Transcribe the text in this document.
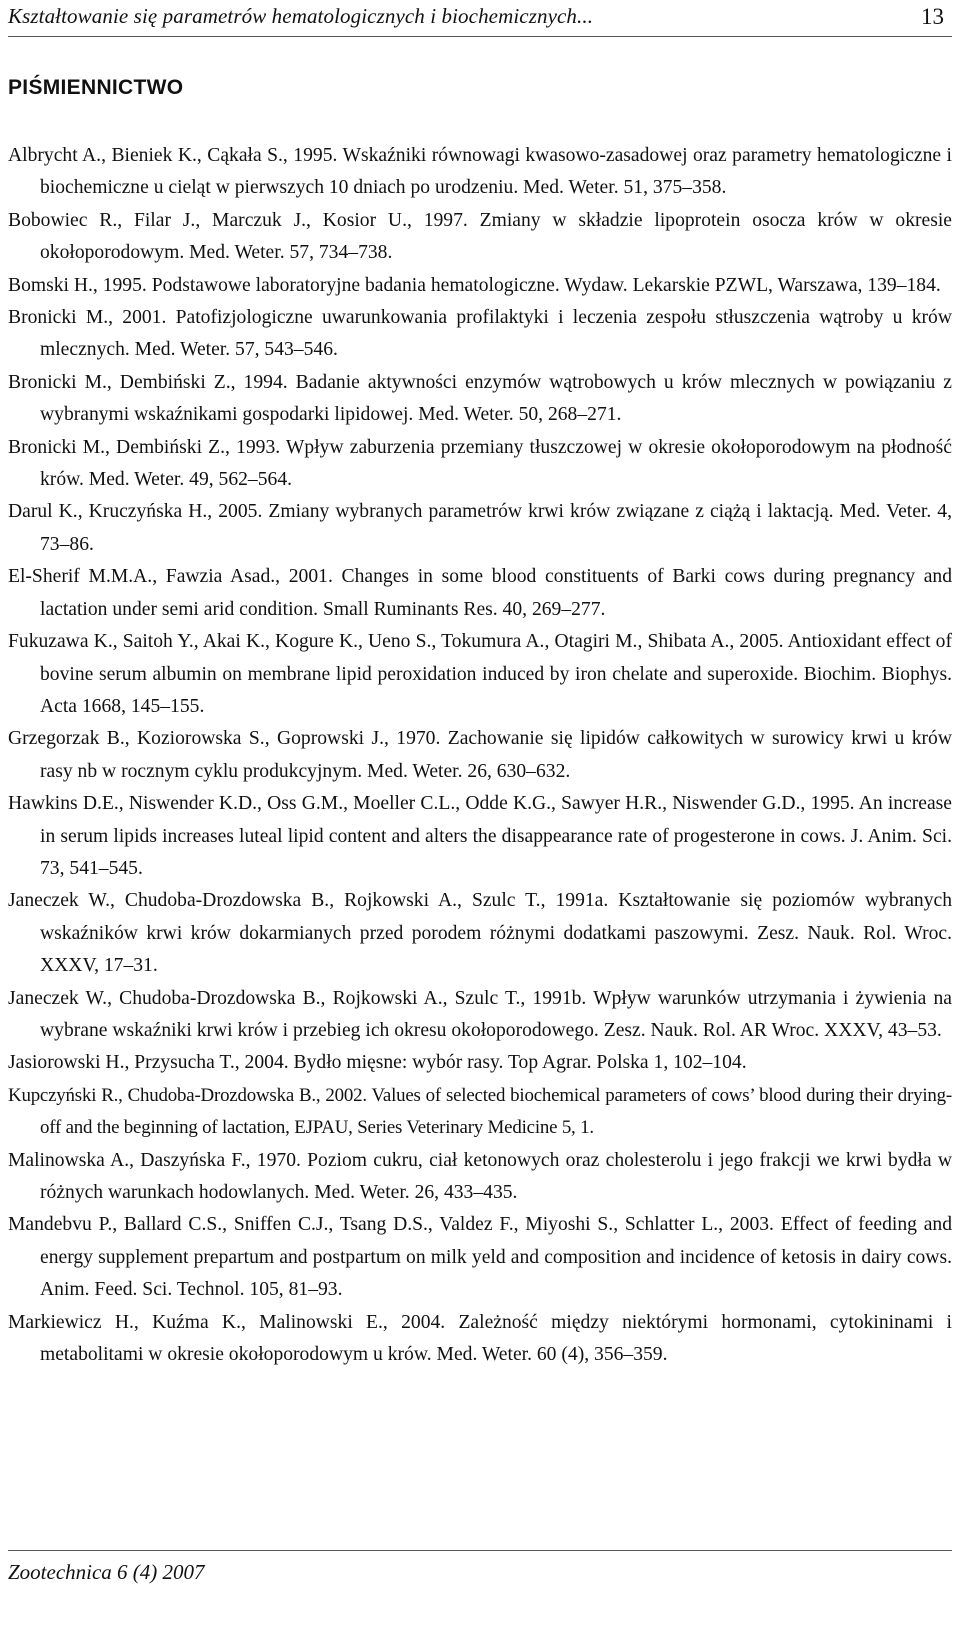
Kształtowanie się parametrów hematologicznych i biochemicznych...	13
PIŚMIENNICTWO

Albrycht A., Bieniek K., Cąkała S., 1995. Wskaźniki równowagi kwasowo-zasadowej oraz parametry hematologiczne i biochemiczne u cieląt w pierwszych 10 dniach po urodzeniu. Med. Weter. 51, 375–358.

Bobowiec R., Filar J., Marczuk J., Kosior U., 1997. Zmiany w składzie lipoprotein osocza krów w okresie okołoporodowym. Med. Weter. 57, 734–738.

Bomski H., 1995. Podstawowe laboratoryjne badania hematologiczne. Wydaw. Lekarskie PZWL, Warszawa, 139–184.

Bronicki M., 2001. Patofizjologiczne uwarunkowania profilaktyki i leczenia zespołu stłuszczenia wątroby u krów mlecznych. Med. Weter. 57, 543–546.

Bronicki M., Dembiński Z., 1994. Badanie aktywności enzymów wątrobowych u krów mlecznych w powiązaniu z wybranymi wskaźnikami gospodarki lipidowej. Med. Weter. 50, 268–271.

Bronicki M., Dembiński Z., 1993. Wpływ zaburzenia przemiany tłuszczowej w okresie okołoporodowym na płodność krów. Med. Weter. 49, 562–564.

Darul K., Kruczyńska H., 2005. Zmiany wybranych parametrów krwi krów związane z ciążą i laktacją. Med. Veter. 4, 73–86.

El-Sherif M.M.A., Fawzia Asad., 2001. Changes in some blood constituents of Barki cows during pregnancy and lactation under semi arid condition. Small Ruminants Res. 40, 269–277.

Fukuzawa K., Saitoh Y., Akai K., Kogure K., Ueno S., Tokumura A., Otagiri M., Shibata A., 2005. Antioxidant effect of bovine serum albumin on membrane lipid peroxidation induced by iron chelate and superoxide. Biochim. Biophys. Acta 1668, 145–155.

Grzegorzak B., Koziorowska S., Goprowski J., 1970. Zachowanie się lipidów całkowitych w surowicy krwi u krów rasy nb w rocznym cyklu produkcyjnym. Med. Weter. 26, 630–632.

Hawkins D.E., Niswender K.D., Oss G.M., Moeller C.L., Odde K.G., Sawyer H.R., Niswender G.D., 1995. An increase in serum lipids increases luteal lipid content and alters the disappearance rate of progesterone in cows. J. Anim. Sci. 73, 541–545.

Janeczek W., Chudoba-Drozdowska B., Rojkowski A., Szulc T., 1991a. Kształtowanie się poziomów wybranych wskaźników krwi krów dokarmianych przed porodem różnymi dodatkami paszowymi. Zesz. Nauk. Rol. Wroc. XXXV, 17–31.

Janeczek W., Chudoba-Drozdowska B., Rojkowski A., Szulc T., 1991b. Wpływ warunków utrzymania i żywienia na wybrane wskaźniki krwi krów i przebieg ich okresu okołoporodowego. Zesz. Nauk. Rol. AR Wroc. XXXV, 43–53.

Jasiorowski H., Przysucha T., 2004. Bydło mięsne: wybór rasy. Top Agrar. Polska 1, 102–104.

Kupczyński R., Chudoba-Drozdowska B., 2002. Values of selected biochemical parameters of cows’ blood during their drying-off and the beginning of lactation, EJPAU, Series Veterinary Medicine 5, 1.

Malinowska A., Daszyńska F., 1970. Poziom cukru, ciał ketonowych oraz cholesterolu i jego frakcji we krwi bydła w różnych warunkach hodowlanych. Med. Weter. 26, 433–435.

Mandebvu P., Ballard C.S., Sniffen C.J., Tsang D.S., Valdez F., Miyoshi S., Schlatter L., 2003. Effect of feeding and energy supplement prepartum and postpartum on milk yeld and composition and incidence of ketosis in dairy cows. Anim. Feed. Sci. Technol. 105, 81–93.

Markiewicz H., Kuźma K., Malinowski E., 2004. Zależność między niektórymi hormonami, cytokininami i metabolitami w okresie okołoporodowym u krów. Med. Weter. 60 (4), 356–359.

Zootechnica 6 (4) 2007
